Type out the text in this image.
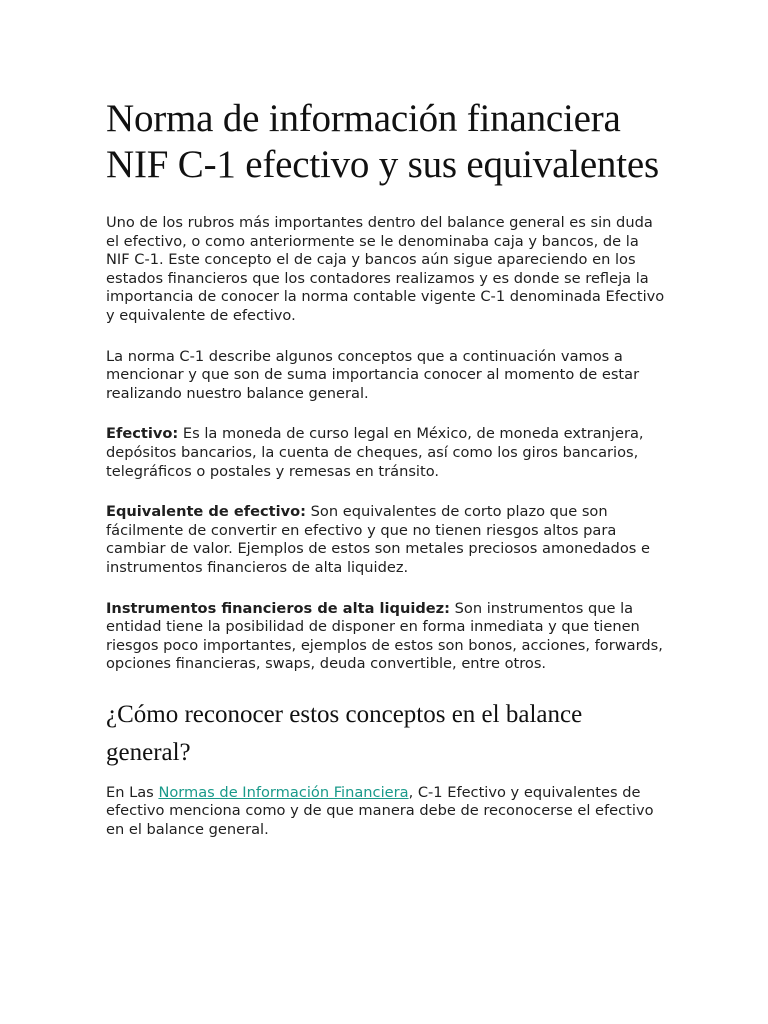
Norma de información financiera NIF C-1 efectivo y sus equivalentes

Uno de los rubros más importantes dentro del balance general es sin duda el efectivo, o como anteriormente se le denominaba caja y bancos, de la NIF C-1. Este concepto el de caja y bancos aún sigue apareciendo en los estados financieros que los contadores realizamos y es donde se refleja la importancia de conocer la norma contable vigente C-1 denominada Efectivo y equivalente de efectivo.

La norma C-1 describe algunos conceptos que a continuación vamos a mencionar y que son de suma importancia conocer al momento de estar realizando nuestro balance general.

Efectivo: Es la moneda de curso legal en México, de moneda extranjera, depósitos bancarios, la cuenta de cheques, así como los giros bancarios, telegráficos o postales y remesas en tránsito.

Equivalente de efectivo: Son equivalentes de corto plazo que son fácilmente de convertir en efectivo y que no tienen riesgos altos para cambiar de valor. Ejemplos de estos son metales preciosos amonedados e instrumentos financieros de alta liquidez.

Instrumentos financieros de alta liquidez: Son instrumentos que la entidad tiene la posibilidad de disponer en forma inmediata y que tienen riesgos poco importantes, ejemplos de estos son bonos, acciones, forwards, opciones financieras, swaps, deuda convertible, entre otros.

¿Cómo reconocer estos conceptos en el balance general?

En Las Normas de Información Financiera, C-1 Efectivo y equivalentes de efectivo menciona como y de que manera debe de reconocerse el efectivo en el balance general.
